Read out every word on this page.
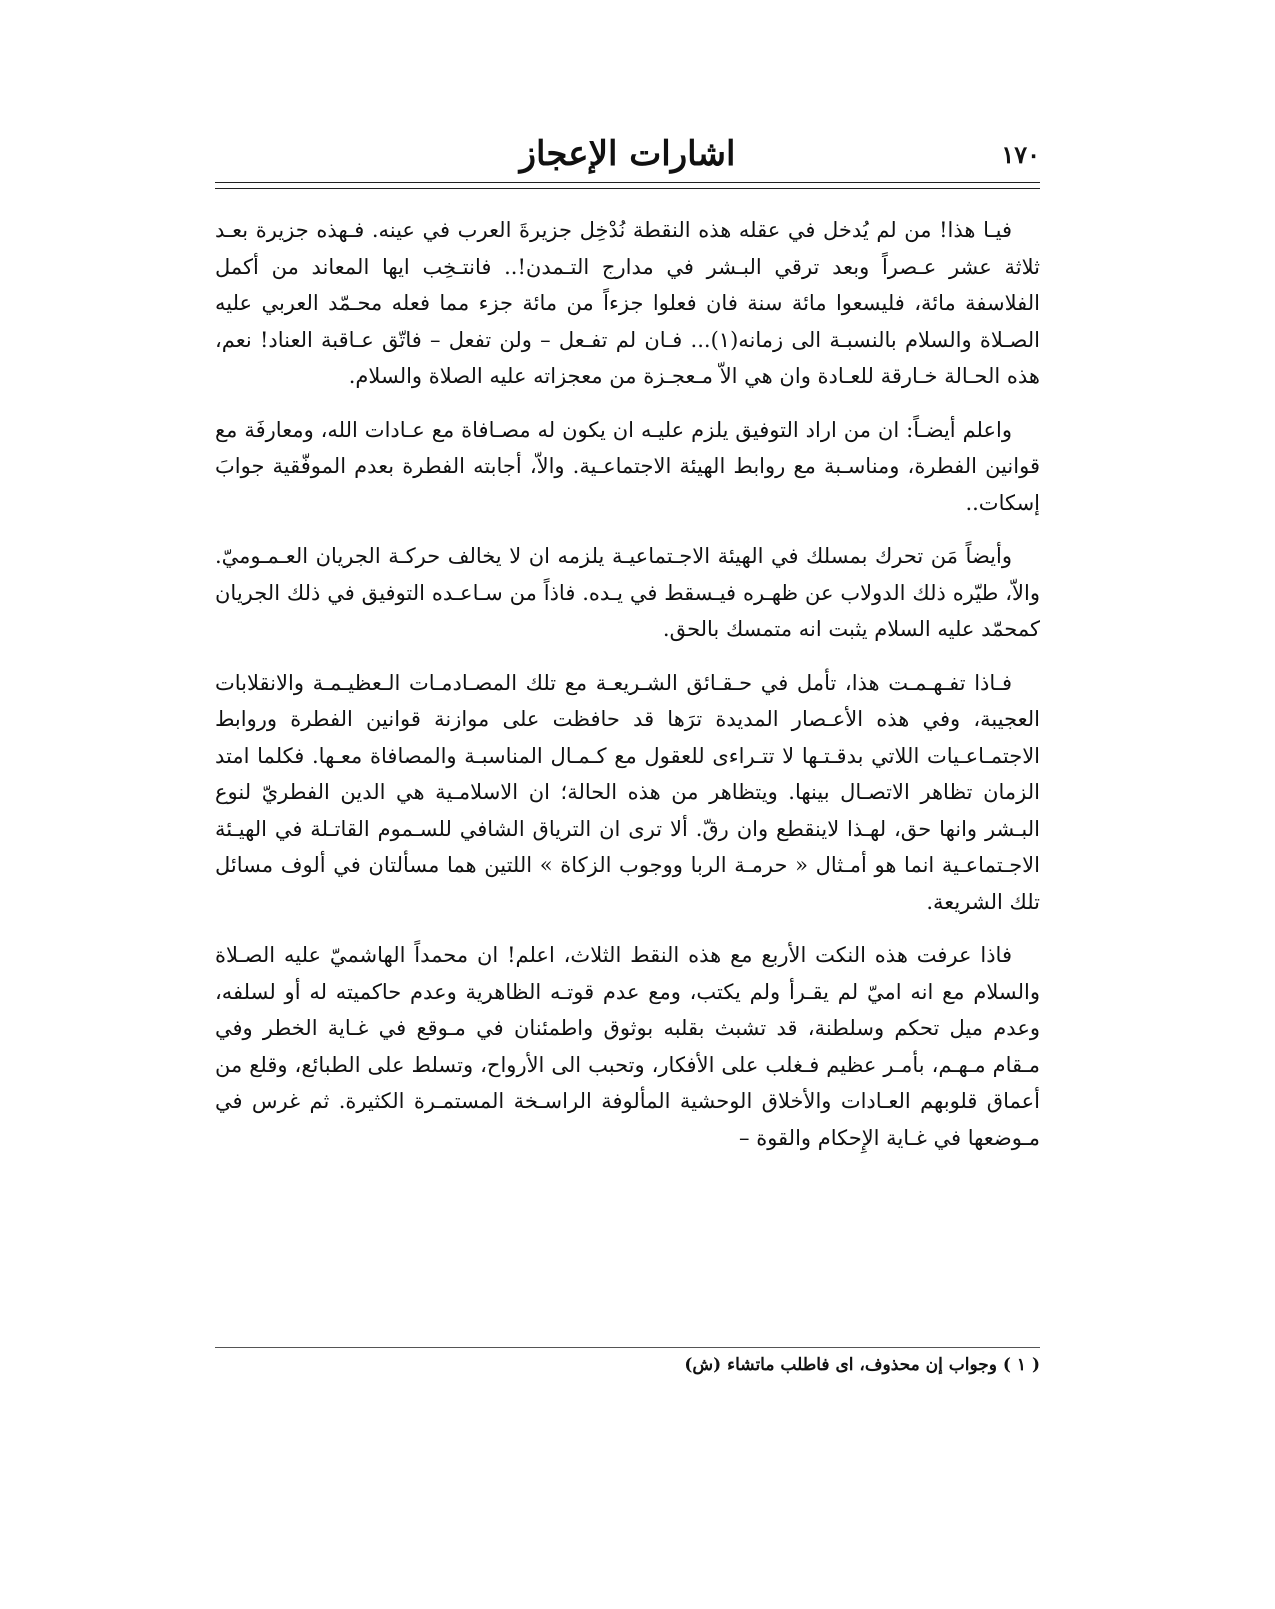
١٧٠
اشارات الإعجاز

فيـا هذا! من لم يُدخل في عقله هذه النقطة نُدْخِل جزيرةَ العرب في عينه. فـهذه جزيرة بعـد ثلاثة عشر عـصراً وبعد ترقي البـشر في مدارج التـمدن!.. فانتـخِب ايها المعاند من أكمل الفلاسفة مائة، فليسعوا مائة سنة فان فعلوا جزءاً من مائة جزء مما فعله محـمّد العربي عليه الصـلاة والسلام بالنسبـة الى زمانه(١)... فـان لم تفـعل – ولن تفعل – فاتّق عـاقبة العناد! نعم، هذه الحـالة خـارقة للعـادة وان هي الاّ مـعجـزة من معجزاته عليه الصلاة والسلام.

واعلم أيضـاً: ان من اراد التوفيق يلزم عليـه ان يكون له مصـافاة مع عـادات الله، ومعارفَة مع قوانين الفطرة، ومناسـبة مع روابط الهيئة الاجتماعـية. والاّ، أجابته الفطرة بعدم الموفّقية جوابَ إسكات..

وأيضاً مَن تحرك بمسلك في الهيئة الاجـتماعيـة يلزمه ان لا يخالف حركـة الجريان العـمـوميّ. والاّ، طيّره ذلك الدولاب عن ظهـره فيـسقط في يـده. فاذاً من سـاعـده التوفيق في ذلك الجريان كمحمّد عليه السلام يثبت انه متمسك بالحق.

فـاذا تفـهـمـت هذا، تأمل في حـقـائق الشـريعـة مع تلك المصـادمـات الـعظيـمـة والانقلابات العجيبة، وفي هذه الأعـصار المديدة ترَها قد حافظت على موازنة قوانين الفطرة وروابط الاجتمـاعـيات اللاتي بدقـتـها لا تتـراءى للعقول مع كـمـال المناسبـة والمصافاة معـها. فكلما امتد الزمان تظاهر الاتصـال بينها. ويتظاهر من هذه الحالة؛ ان الاسلامـية هي الدين الفطريّ لنوع البـشر وانها حق، لهـذا لاينقطع وان رقّ. ألا ترى ان الترياق الشافي للسـموم القاتـلة في الهيـئة الاجـتماعـية انما هو أمـثال « حرمـة الربا ووجوب الزكاة » اللتين هما مسألتان في ألوف مسائل تلك الشريعة.

فاذا عرفت هذه النكت الأربع مع هذه النقط الثلاث، اعلم! ان محمداً الهاشميّ عليه الصـلاة والسلام مع انه اميّ لم يقـرأ ولم يكتب، ومع عدم قوتـه الظاهرية وعدم حاكميته له أو لسلفه، وعدم ميل تحكم وسلطنة، قد تشبث بقلبه بوثوق واطمئنان في مـوقع في غـاية الخطر وفي مـقام مـهـم، بأمـر عظيم فـغلب على الأفكار، وتحبب الى الأرواح، وتسلط على الطبائع، وقلع من أعماق قلوبهم العـادات والأخلاق الوحشية المألوفة الراسـخة المستمـرة الكثيرة. ثم غرس في مـوضعها في غـاية الإِحكام والقوة –

( ١ ) وجواب إن محذوف، اى فاطلب ماتشاء (ش)
